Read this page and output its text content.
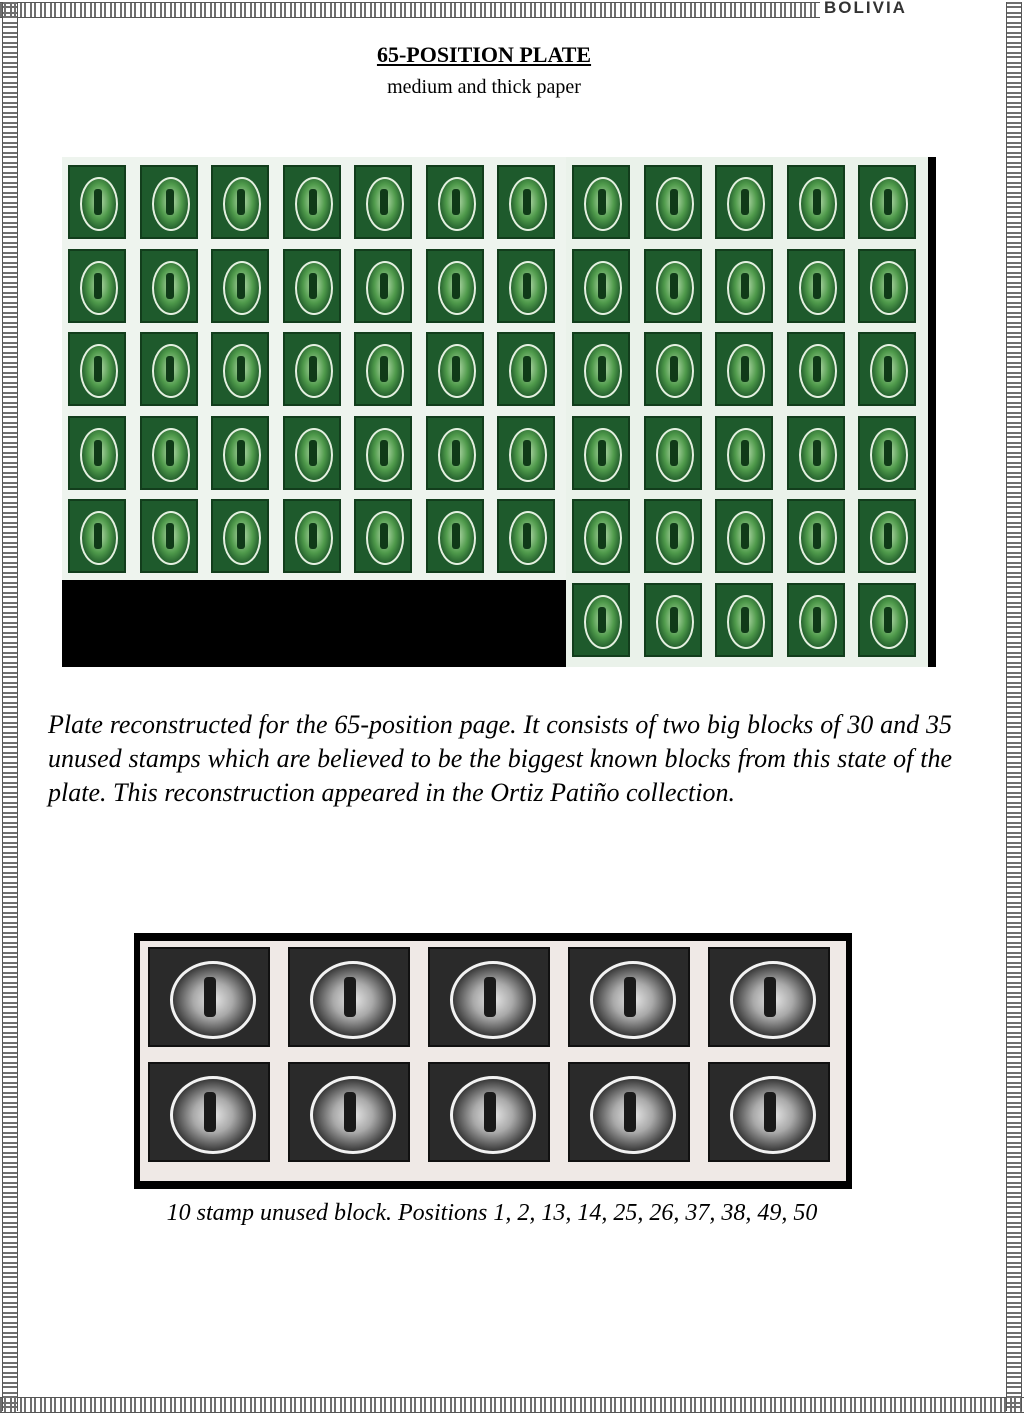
BOLIVIA
65-POSITION PLATE
medium and thick paper
Plate reconstructed for the 65-position page. It consists of two big blocks of 30 and 35 unused stamps which are believed to be the biggest known blocks from this state of the plate. This reconstruction appeared in the Ortiz Patiño collection.
10 stamp unused block. Positions 1, 2, 13, 14, 25, 26, 37, 38, 49, 50
